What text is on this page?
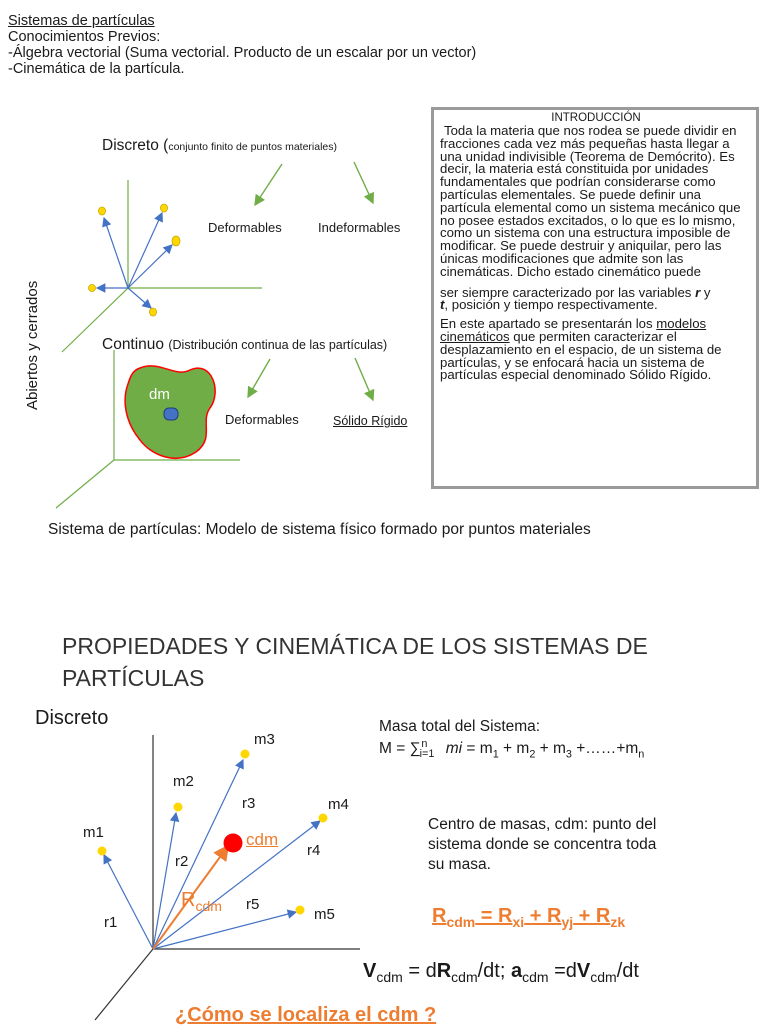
Sistemas de partículas
Conocimientos Previos:
-Álgebra vectorial (Suma vectorial. Producto de un escalar por un vector)
-Cinemática de la partícula.
Discreto (conjunto finito de puntos materiales)
Deformables	Indeformables
Continuo (Distribución continua de las partículas)
dm
Deformables	Sólido Rígido
Abiertos y cerrados
INTRODUCCIÓN

Toda la materia que nos rodea se puede dividir en fracciones cada vez más pequeñas hasta llegar a una unidad indivisible (Teorema de Demócrito). Es decir, la materia está constituida por unidades fundamentales que podrían considerarse como partículas elementales. Se puede definir una partícula elemental como un sistema mecánico que no posee estados excitados, o lo que es lo mismo, como un sistema con una estructura imposible de modificar. Se puede destruir y aniquilar, pero las únicas modificaciones que admite son las cinemáticas. Dicho estado cinemático puede

ser siempre caracterizado por las variables r y
t, posición y tiempo respectivamente.

En este apartado se presentarán los modelos cinemáticos que permiten caracterizar el desplazamiento en el espacio, de un sistema de partículas, y se enfocará hacia un sistema de partículas especial denominado Sólido Rígido.

Sistema de partículas: Modelo de sistema físico formado por puntos materiales
PROPIEDADES Y CINEMÁTICA DE LOS SISTEMAS DE
PARTÍCULAS
Discreto
m1
m2
m3
m4
m5
r1
r2
r3
r4
r5
cdm
$R_{cdm}$
Masa total del Sistema:
$M = \sum_{i=1}^n$ mi = $m_1 + m_2 + m_3$ $+\dots\dots+m_n$
Centro de masas, cdm: punto del
sistema donde se concentra toda
su masa.
$R_{cdm} = R_{xi} + R_{yj} + R_{zk}$
$V_{cdm} = dR_{cdm}/dt$; $a_{cdm} =dV_{cdm}/dt$
¿Cómo se localiza el cdm ?
